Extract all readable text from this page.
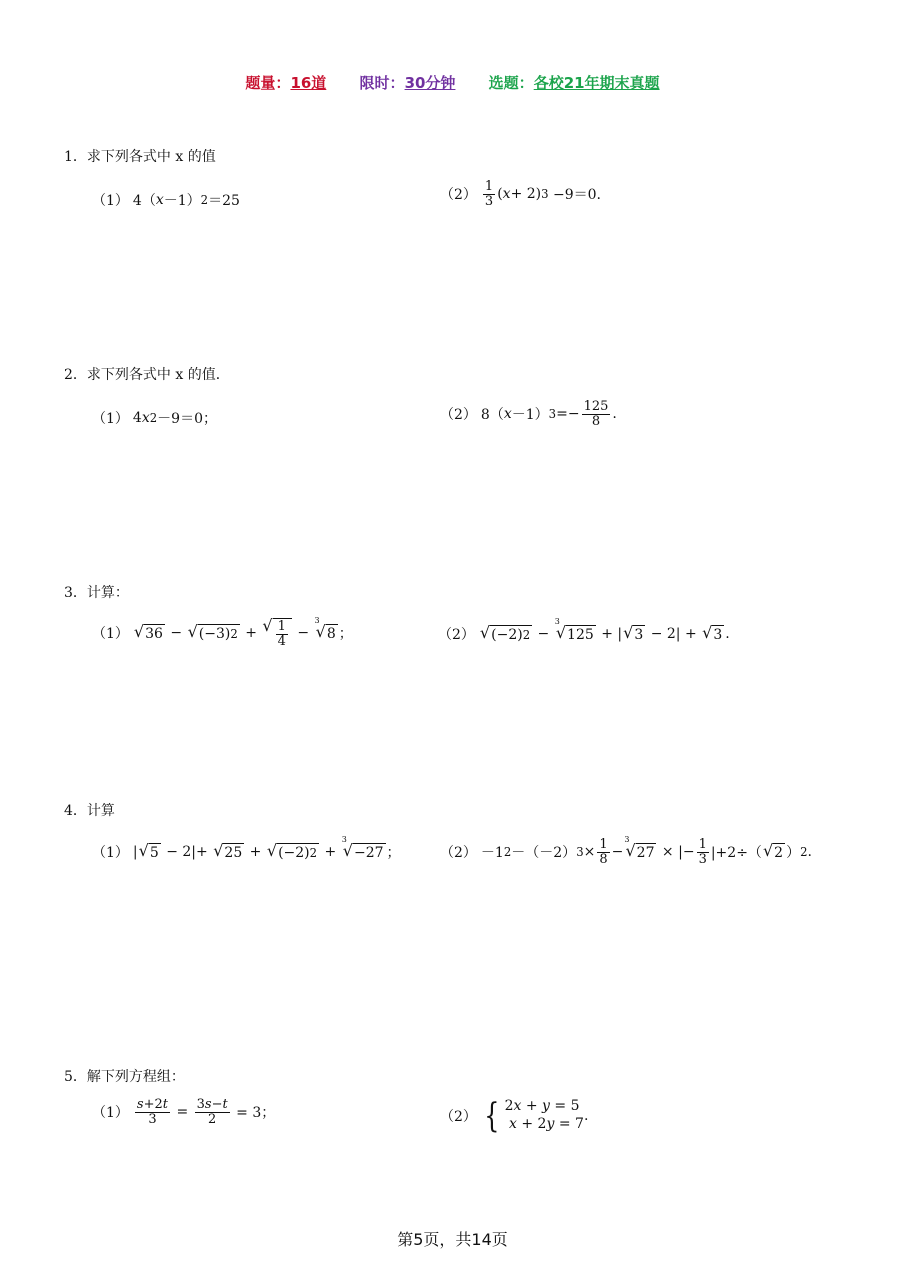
题量：16道 限时：30分钟 选题：各校21年期末真题
1．求下列各式中 x 的值
（1） 4（ x －1） 2 ＝25	$(2) \frac{1}{3}$ ( x + 2) 3 −9＝0.
2．求下列各式中 x 的值．
（1） 4 x 2 －9＝0；	（2） 8（ x －1） $3 =- \frac{125}{8}$ .
3．计算：
（1） √ 36 − √ (−3) 2 + √ $\frac{1}{4}$ −
3
√ 8 ；	（2） √ (−2) 2 −
3
√ 125 + | √ 3 − 2| + √ 3 .
4．计算
（1） | √ 5 − 2|+ √ 25 + √ (−2) 2 +
3
√ −27 ；	（2） －1 2 －（－2） $3 \times \frac{1}{8}$ −
3
√ 27 × |− $\frac{1}{3} |+2\div$（ √ 2 ） 2 .
5．解下列方程组：
$(1) \frac{s+2t}{3} = \frac{3s-t}{2} = 3$；	（2） { 2x + y = 5
x + 2y = 7 .
第5页，共14页
